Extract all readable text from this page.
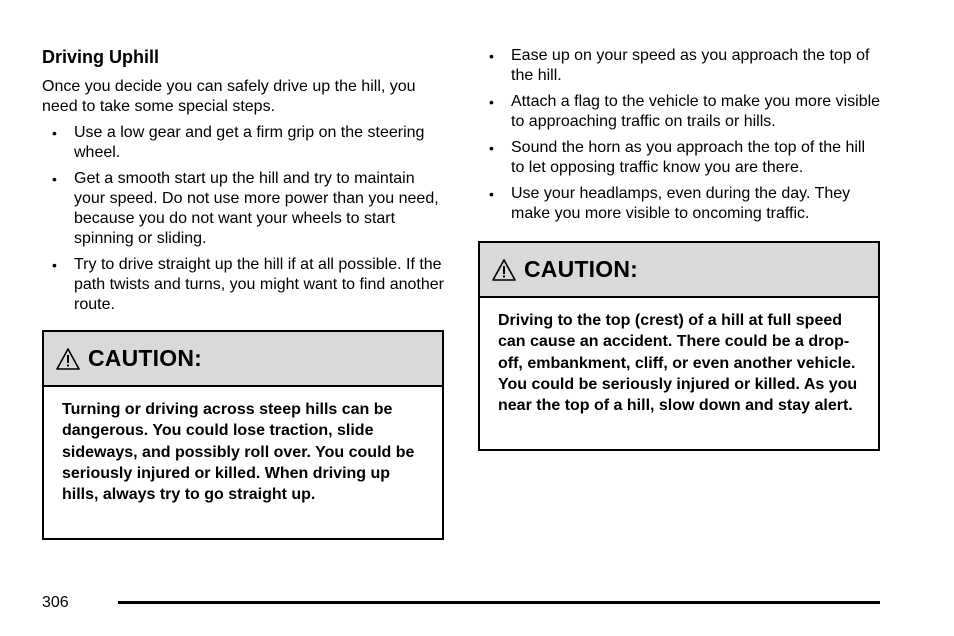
Driving Uphill

Once you decide you can safely drive up the hill, you need to take some special steps.

• Use a low gear and get a firm grip on the steering wheel.
• Get a smooth start up the hill and try to maintain your speed. Do not use more power than you need, because you do not want your wheels to start spinning or sliding.
• Try to drive straight up the hill if at all possible. If the path twists and turns, you might want to find another route.
CAUTION:
Turning or driving across steep hills can be dangerous. You could lose traction, slide sideways, and possibly roll over. You could be seriously injured or killed. When driving up hills, always try to go straight up.
• Ease up on your speed as you approach the top of the hill.
• Attach a flag to the vehicle to make you more visible to approaching traffic on trails or hills.
• Sound the horn as you approach the top of the hill to let opposing traffic know you are there.
• Use your headlamps, even during the day. They make you more visible to oncoming traffic.
CAUTION:
Driving to the top (crest) of a hill at full speed can cause an accident. There could be a drop-off, embankment, cliff, or even another vehicle. You could be seriously injured or killed. As you near the top of a hill, slow down and stay alert.
306
